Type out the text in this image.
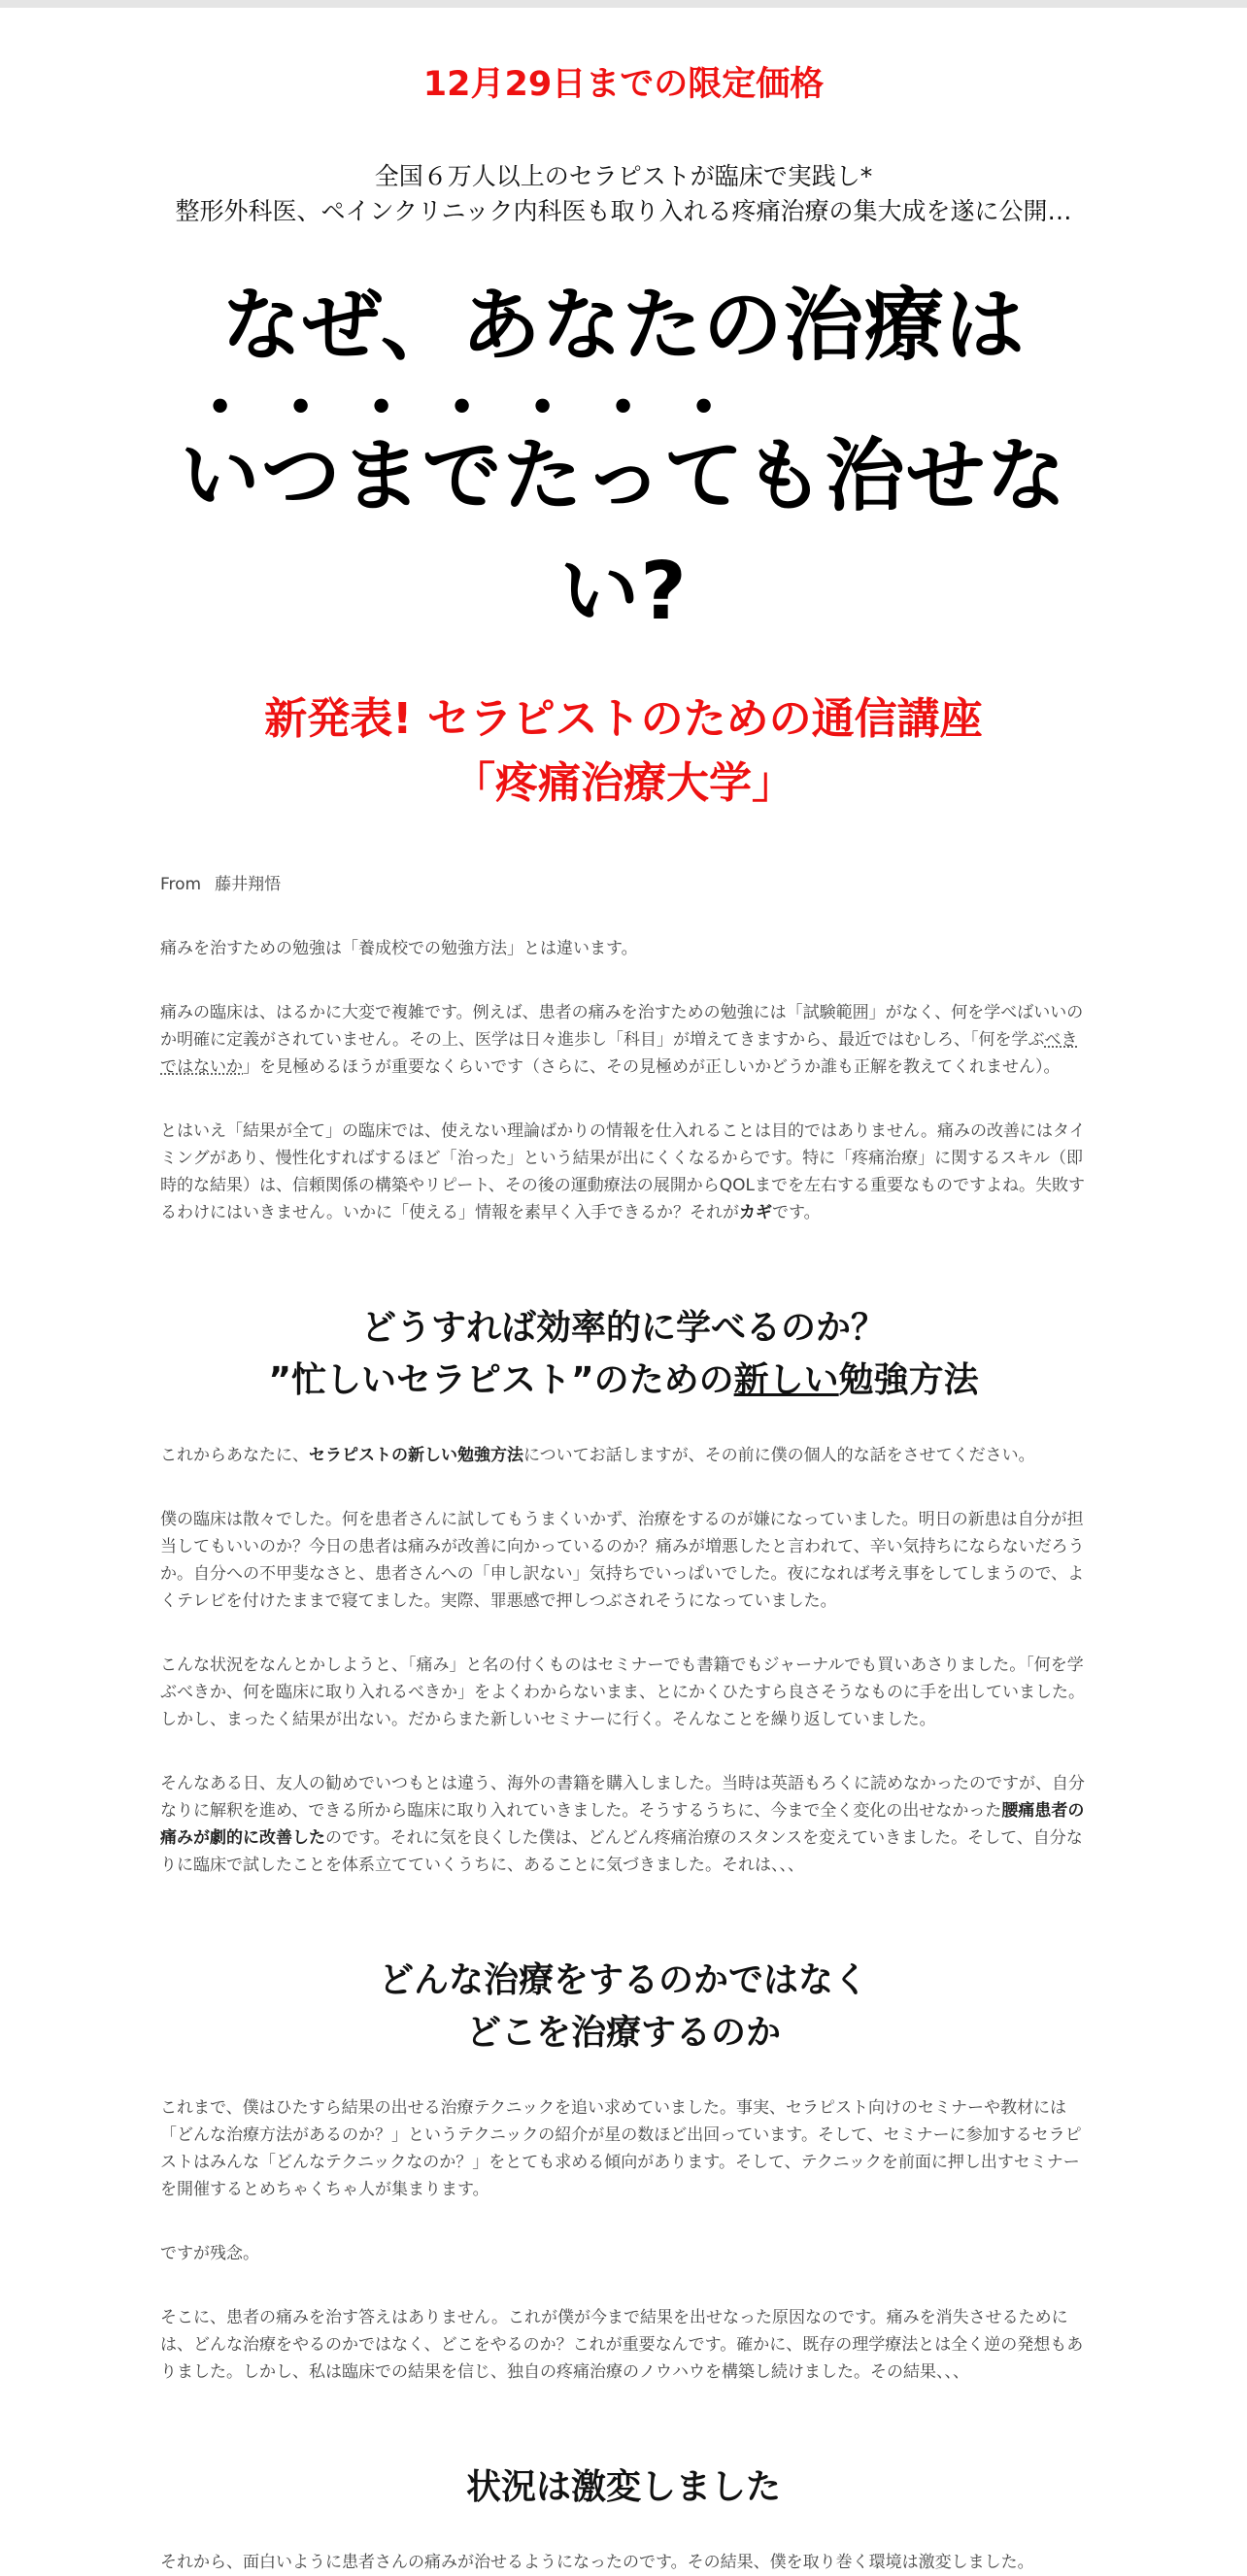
12月29日までの限定価格
全国６万人以上のセラピストが臨床で実践し*
整形外科医、ペインクリニック内科医も取り入れる疼痛治療の集大成を遂に公開…
なぜ、あなたの治療は
いつまでたっても治せない?
新発表! セラピストのための通信講座
「疼痛治療大学」
From 藤井翔悟

痛みを治すための勉強は「養成校での勉強方法」とは違います。

痛みの臨床は、はるかに大変で複雑です。例えば、患者の痛みを治すための勉強には「試験範囲」がなく、何を学べばいいのか明確に定義がされていません。その上、医学は日々進歩し「科目」が増えてきますから、最近ではむしろ、「何を学ぶべきではないか」を見極めるほうが重要なくらいです（さらに、その見極めが正しいかどうか誰も正解を教えてくれません）。

とはいえ「結果が全て」の臨床では、使えない理論ばかりの情報を仕入れることは目的ではありません。痛みの改善にはタイミングがあり、慢性化すればするほど「治った」という結果が出にくくなるからです。特に「疼痛治療」に関するスキル（即時的な結果）は、信頼関係の構築やリピート、その後の運動療法の展開からQOLまでを左右する重要なものですよね。失敗するわけにはいきません。いかに「使える」情報を素早く入手できるか？それがカギです。

どうすれば効率的に学べるのか？

”忙しいセラピスト”のための新しい勉強方法

これからあなたに、セラピストの新しい勉強方法についてお話しますが、その前に僕の個人的な話をさせてください。

僕の臨床は散々でした。何を患者さんに試してもうまくいかず、治療をするのが嫌になっていました。明日の新患は自分が担当してもいいのか？今日の患者は痛みが改善に向かっているのか？痛みが増悪したと言われて、辛い気持ちにならないだろうか。自分への不甲斐なさと、患者さんへの「申し訳ない」気持ちでいっぱいでした。夜になれば考え事をしてしまうので、よくテレビを付けたままで寝てました。実際、罪悪感で押しつぶされそうになっていました。

こんな状況をなんとかしようと、「痛み」と名の付くものはセミナーでも書籍でもジャーナルでも買いあさりました。「何を学ぶべきか、何を臨床に取り入れるべきか」をよくわからないまま、とにかくひたすら良さそうなものに手を出していました。しかし、まったく結果が出ない。だからまた新しいセミナーに行く。そんなことを繰り返していました。

そんなある日、友人の勧めでいつもとは違う、海外の書籍を購入しました。当時は英語もろくに読めなかったのですが、自分なりに解釈を進め、できる所から臨床に取り入れていきました。そうするうちに、今まで全く変化の出せなかった腰痛患者の痛みが劇的に改善したのです。それに気を良くした僕は、どんどん疼痛治療のスタンスを変えていきました。そして、自分なりに臨床で試したことを体系立てていくうちに、あることに気づきました。それは、、、

どんな治療をするのかではなく

どこを治療するのか

これまで、僕はひたすら結果の出せる治療テクニックを追い求めていました。事実、セラピスト向けのセミナーや教材には「どんな治療方法があるのか？」というテクニックの紹介が星の数ほど出回っています。そして、セミナーに参加するセラピストはみんな「どんなテクニックなのか？」をとても求める傾向があります。そして、テクニックを前面に押し出すセミナーを開催するとめちゃくちゃ人が集まります。

ですが残念。

そこに、患者の痛みを治す答えはありません。これが僕が今まで結果を出せなった原因なのです。痛みを消失させるためには、どんな治療をやるのかではなく、どこをやるのか？これが重要なんです。確かに、既存の理学療法とは全く逆の発想もありました。しかし、私は臨床での結果を信じ、独自の疼痛治療のノウハウを構築し続けました。その結果、、、

状況は激変しました

それから、面白いように患者さんの痛みが治せるようになったのです。その結果、僕を取り巻く環境は激変しました。
